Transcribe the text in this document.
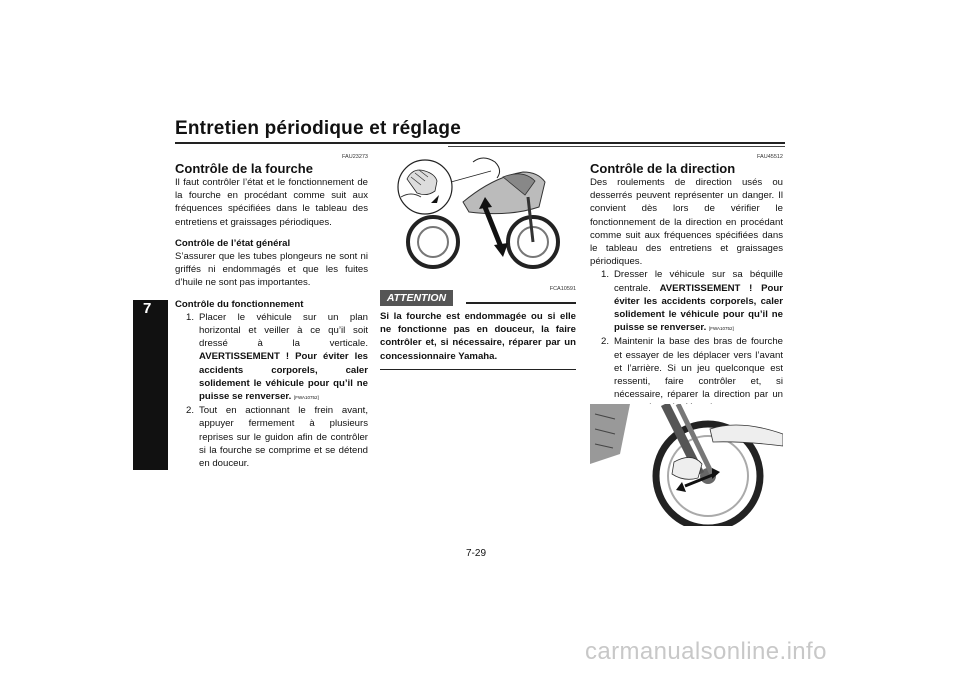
Entretien périodique et réglage
7
FAU23273
Contrôle de la fourche
Il faut contrôler l’état et le fonctionnement de la fourche en procédant comme suit aux fréquences spécifiées dans le tableau des entretiens et graissages périodiques.
Contrôle de l’état général
S’assurer que les tubes plongeurs ne sont ni griffés ni endommagés et que les fuites d’huile ne sont pas importantes.
Contrôle du fonctionnement
1. Placer le véhicule sur un plan horizontal et veiller à ce qu’il soit dressé à la verticale. AVERTISSEMENT ! Pour éviter les accidents corporels, caler solidement le véhicule pour qu’il ne puisse se renverser. [FWA10752]
2. Tout en actionnant le frein avant, appuyer fermement à plusieurs reprises sur le guidon afin de contrôler si la fourche se comprime et se détend en douceur.
FCA10591
ATTENTION
Si la fourche est endommagée ou si elle ne fonctionne pas en douceur, la faire contrôler et, si nécessaire, réparer par un concessionnaire Yamaha.
FAU45512
Contrôle de la direction
Des roulements de direction usés ou desserrés peuvent représenter un danger. Il convient dès lors de vérifier le fonctionnement de la direction en procédant comme suit aux fréquences spécifiées dans le tableau des entretiens et graissages périodiques.
1. Dresser le véhicule sur sa béquille centrale. AVERTISSEMENT ! Pour éviter les accidents corporels, caler solidement le véhicule pour qu’il ne puisse se renverser. [FWA10752]
2. Maintenir la base des bras de fourche et essayer de les déplacer vers l’avant et l’arrière. Si un jeu quelconque est ressenti, faire contrôler et, si nécessaire, réparer la direction par un
7-29
carmanualsonline.info
